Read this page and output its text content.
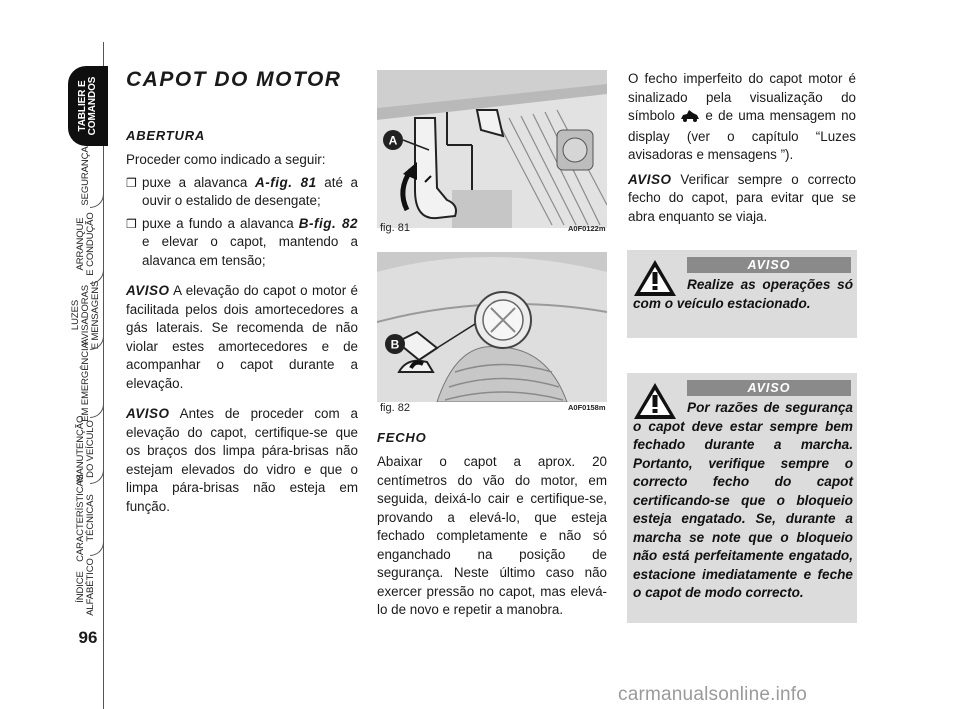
TABLIER E
COMANDOS
SEGURANÇA
ARRANQUE
E CONDUÇÃO
LUZES
AVISADORAS
E MENSAGENS
EM EMERGÊNCIA
MANUTENÇÃO
DO VEÍCULO
CARACTERÍSTICAS
TÉCNICAS
ÍNDICE
ALFABÉTICO
96
CAPOT DO MOTOR
ABERTURA
Proceder como indicado a seguir:
❒ puxe a alavanca A-fig. 81 até a ouvir o estalido de desengate;
❒ puxe a fundo a alavanca B-fig. 82 e elevar o capot, mantendo a alavanca em tensão;
AVISO A elevação do capot o motor é facilitada pelos dois amortecedores a gás laterais. Se recomenda de não violar estes amortecedores e de acompanhar o capot durante a elevação.
AVISO Antes de proceder com a elevação do capot, certifique-se que os braços dos limpa pára-brisas não estejam elevados do vidro e que o limpa pára-brisas não esteja em função.
A
fig. 81	A0F0122m
B
fig. 82	A0F0158m
FECHO
Abaixar o capot a aprox. 20 centímetros do vão do motor, em seguida, deixá-lo cair e certifique-se, provando a elevá-lo, que esteja fechado completamente e não só enganchado na posição de segurança. Neste último caso não exercer pressão no capot, mas elevá-lo de novo e repetir a manobra.
O fecho imperfeito do capot motor é sinalizado pela visualização do símbolo  e de uma mensagem no display (ver o capítulo “Luzes avisadoras e mensagens ”).
AVISO Verificar sempre o correcto fecho do capot, para evitar que se abra enquanto se viaja.
AVISO
Realize as operações só com o veículo estacionado.
AVISO
Por razões de segurança o capot deve estar sempre bem fechado durante a marcha. Portanto, verifique sempre o correcto fecho do capot certificando-se que o bloqueio esteja engatado. Se, durante a marcha se note que o bloqueio não está perfeitamente engatado, estacione imediatamente e feche o capot de modo correcto.
carmanualsonline.info
